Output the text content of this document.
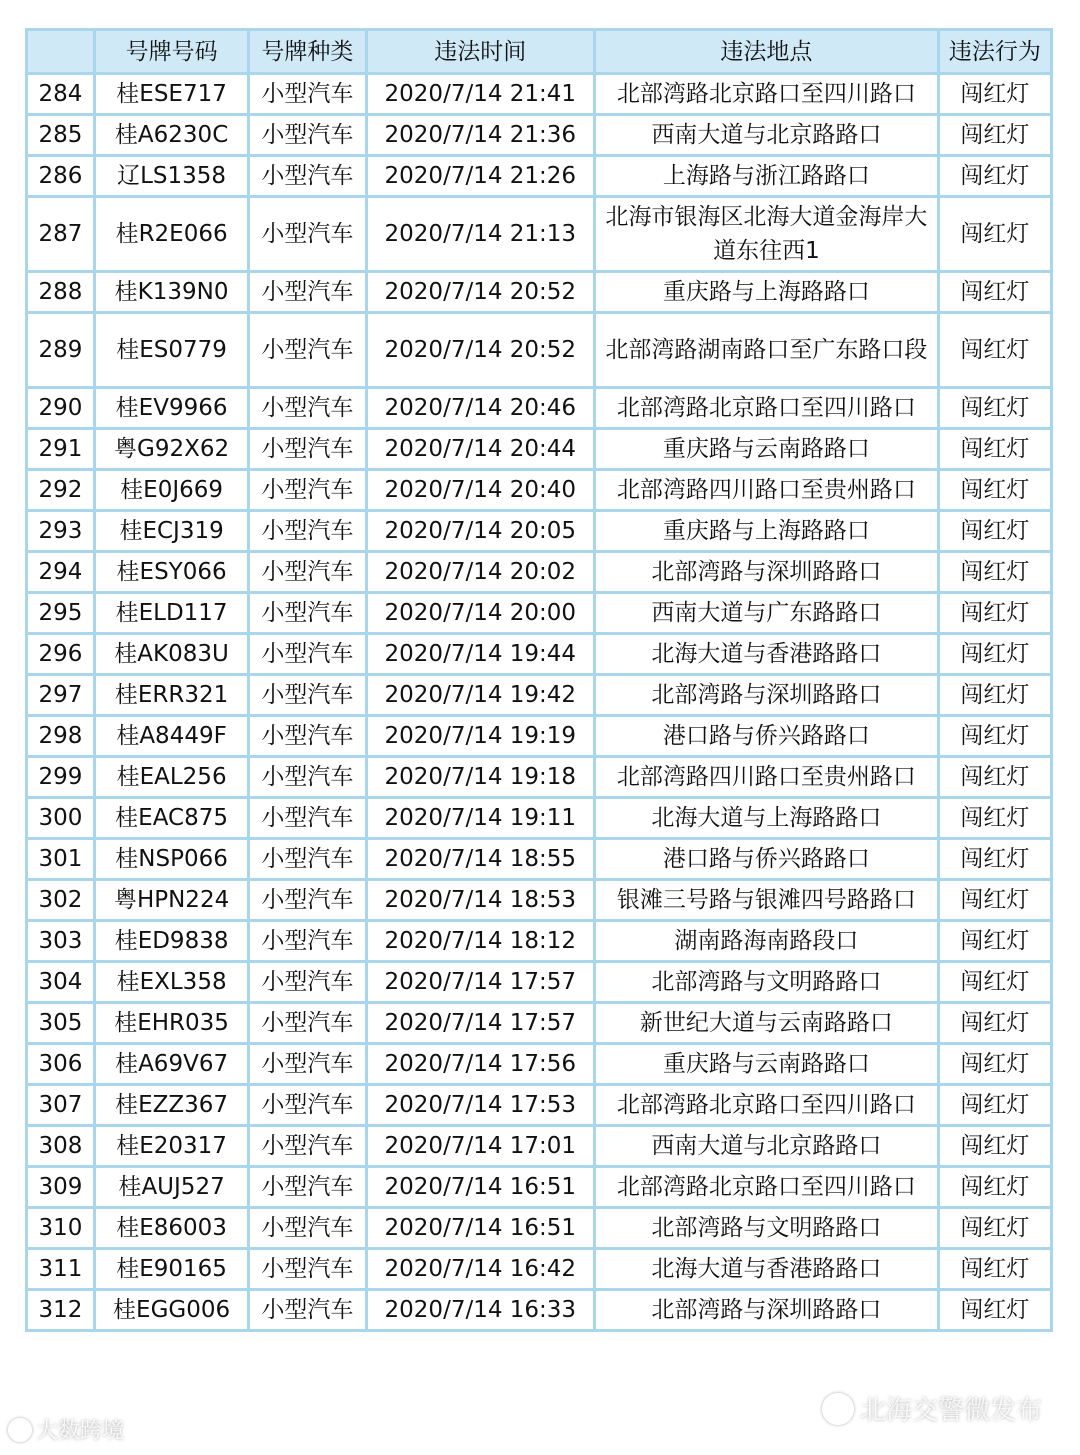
	号牌号码	号牌种类	违法时间	违法地点	违法行为
284	桂ESE717	小型汽车	2020/7/14 21:41	北部湾路北京路口至四川路口	闯红灯
285	桂A6230C	小型汽车	2020/7/14 21:36	西南大道与北京路路口	闯红灯
286	辽LS1358	小型汽车	2020/7/14 21:26	上海路与浙江路路口	闯红灯
287	桂R2E066	小型汽车	2020/7/14 21:13	北海市银海区北海大道金海岸大道东往西1	闯红灯
288	桂K139N0	小型汽车	2020/7/14 20:52	重庆路与上海路路口	闯红灯
289	桂ES0779	小型汽车	2020/7/14 20:52	北部湾路湖南路口至广东路口段	闯红灯
290	桂EV9966	小型汽车	2020/7/14 20:46	北部湾路北京路口至四川路口	闯红灯
291	粤G92X62	小型汽车	2020/7/14 20:44	重庆路与云南路路口	闯红灯
292	桂E0J669	小型汽车	2020/7/14 20:40	北部湾路四川路口至贵州路口	闯红灯
293	桂ECJ319	小型汽车	2020/7/14 20:05	重庆路与上海路路口	闯红灯
294	桂ESY066	小型汽车	2020/7/14 20:02	北部湾路与深圳路路口	闯红灯
295	桂ELD117	小型汽车	2020/7/14 20:00	西南大道与广东路路口	闯红灯
296	桂AK083U	小型汽车	2020/7/14 19:44	北海大道与香港路路口	闯红灯
297	桂ERR321	小型汽车	2020/7/14 19:42	北部湾路与深圳路路口	闯红灯
298	桂A8449F	小型汽车	2020/7/14 19:19	港口路与侨兴路路口	闯红灯
299	桂EAL256	小型汽车	2020/7/14 19:18	北部湾路四川路口至贵州路口	闯红灯
300	桂EAC875	小型汽车	2020/7/14 19:11	北海大道与上海路路口	闯红灯
301	桂NSP066	小型汽车	2020/7/14 18:55	港口路与侨兴路路口	闯红灯
302	粤HPN224	小型汽车	2020/7/14 18:53	银滩三号路与银滩四号路路口	闯红灯
303	桂ED9838	小型汽车	2020/7/14 18:12	湖南路海南路段口	闯红灯
304	桂EXL358	小型汽车	2020/7/14 17:57	北部湾路与文明路路口	闯红灯
305	桂EHR035	小型汽车	2020/7/14 17:57	新世纪大道与云南路路口	闯红灯
306	桂A69V67	小型汽车	2020/7/14 17:56	重庆路与云南路路口	闯红灯
307	桂EZZ367	小型汽车	2020/7/14 17:53	北部湾路北京路口至四川路口	闯红灯
308	桂E20317	小型汽车	2020/7/14 17:01	西南大道与北京路路口	闯红灯
309	桂AUJ527	小型汽车	2020/7/14 16:51	北部湾路北京路口至四川路口	闯红灯
310	桂E86003	小型汽车	2020/7/14 16:51	北部湾路与文明路路口	闯红灯
311	桂E90165	小型汽车	2020/7/14 16:42	北海大道与香港路路口	闯红灯
312	桂EGG006	小型汽车	2020/7/14 16:33	北部湾路与深圳路路口	闯红灯
北海交警微发布
大数跨境
